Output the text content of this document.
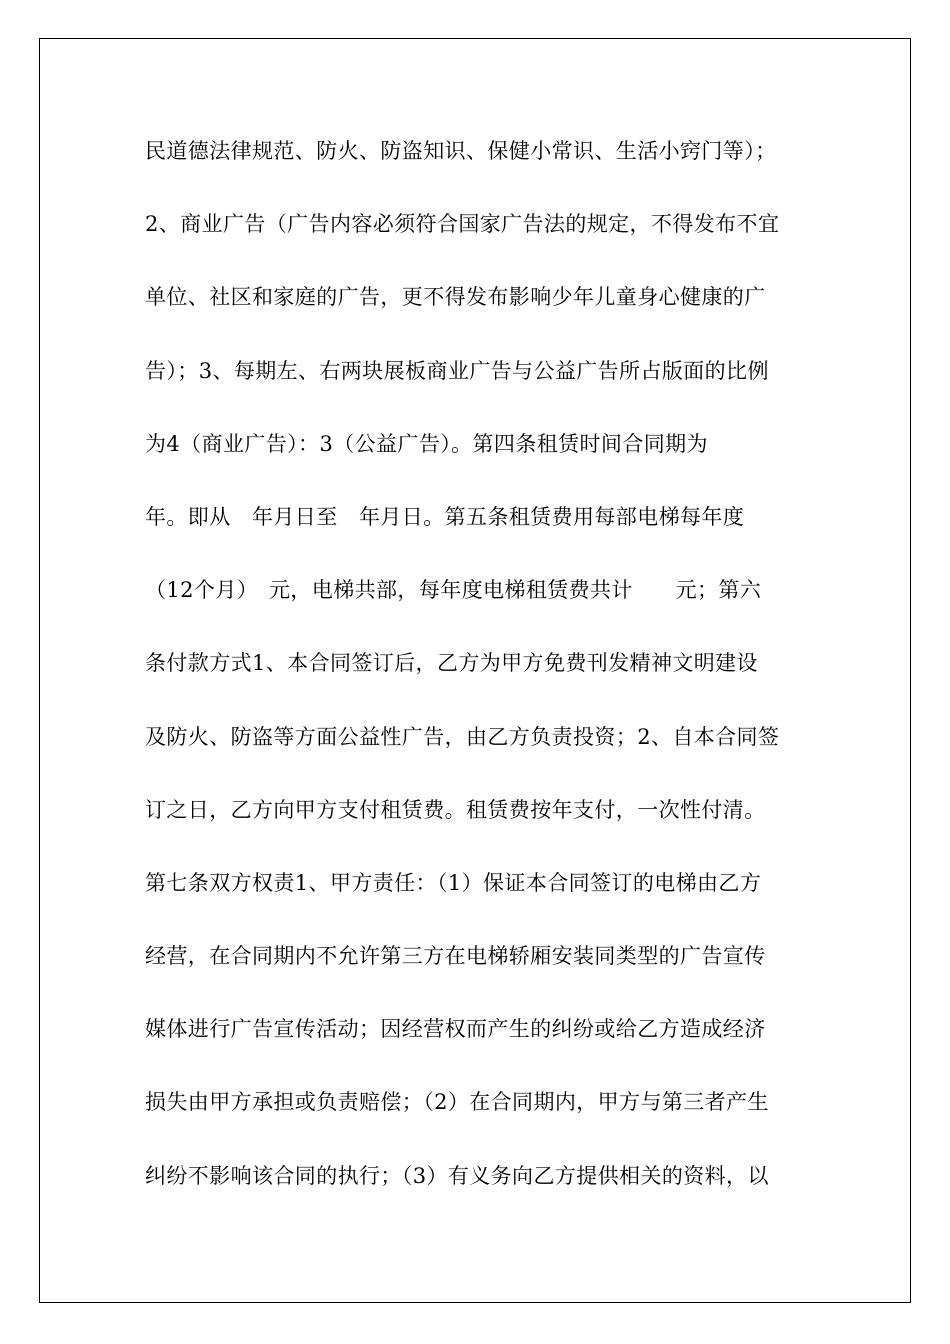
民道德法律规范、防火、防盗知识、保健小常识、生活小窍门等）；
2、商业广告（广告内容必须符合国家广告法的规定，不得发布不宜
单位、社区和家庭的广告，更不得发布影响少年儿童身心健康的广
告）；3、每期左、右两块展板商业广告与公益广告所占版面的比例
为4（商业广告）：3（公益广告）。第四条租赁时间合同期为
年。即从　年月日至　年月日。第五条租赁费用每部电梯每年度
（12个月）　元，电梯共部，每年度电梯租赁费共计　　元；第六
条付款方式1、本合同签订后，乙方为甲方免费刊发精神文明建设
及防火、防盗等方面公益性广告，由乙方负责投资；2、自本合同签
订之日，乙方向甲方支付租赁费。租赁费按年支付，一次性付清。
第七条双方权责1、甲方责任：（1）保证本合同签订的电梯由乙方
经营，在合同期内不允许第三方在电梯轿厢安装同类型的广告宣传
媒体进行广告宣传活动；因经营权而产生的纠纷或给乙方造成经济
损失由甲方承担或负责赔偿；（2）在合同期内，甲方与第三者产生
纠纷不影响该合同的执行；（3）有义务向乙方提供相关的资料，以
